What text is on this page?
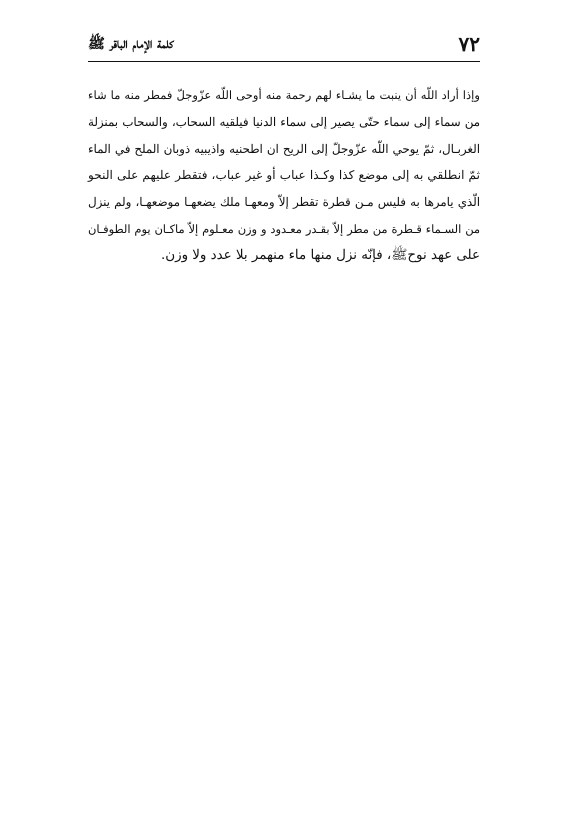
٧٢
كلمة الإمام الباقر ﷺ
وإذا أراد اللّه أن ينبت ما يشـاء لهم رحمة منه أوحى اللّه عزّوجلّ فمطر منه ما شاء
من سماء إلى سماء حتّى يصير إلى سماء الدنيا فيلقيه السحاب، والسحاب بمنزلة
الغربـال، ثمّ يوحي اللّه عزّوجلّ إلى الريح ان اطحنيه واذيبيه ذوبان الملح في الماء
ثمّ انطلقي به إلى موضع كذا وكـذا عباب أو غير عباب، فتقطر عليهم على النحو
الّذي يامرها به فليس مـن قطرة تقطر إلاّ ومعهـا ملك يضعهـا موضعهـا، ولم ينزل
من السـماء قـطرة من مطر إلاّ بقـدر معـدود و وزن معـلوم إلاّ ماكـان يوم الطوفـان
على عهد نوحﷺ، فإنّه نزل منها ماء منهمر بلا عدد ولا وزن.
